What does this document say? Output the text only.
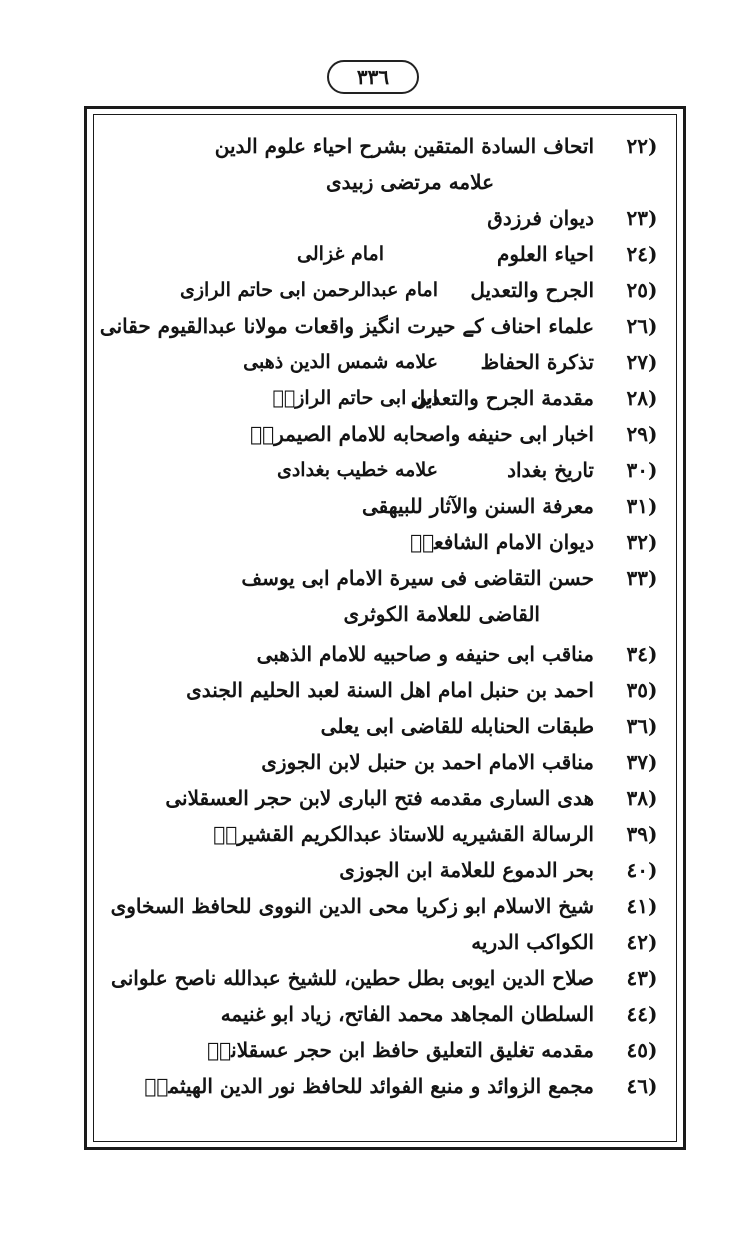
٣٣٦
(٢٢
اتحاف السادة المتقين بشرح احياء علوم الدين
علامه مرتضی زبیدی
(٢٣
دیوان فرزدق
(٢٤
احیاء العلوم
امام غزالی
(٢٥
الجرح والتعدیل
امام عبدالرحمن ابی حاتم الرازی
(٢٦
علماء احناف کے حیرت انگیز واقعات مولانا عبدالقیوم حقانی
(٢٧
تذکرة الحفاظ
علامه شمس الدین ذهبی
(٢٨
مقدمة الجرح والتعدیل
ابن ابی حاتم الرازیؒ
(٢٩
اخبار ابی حنیفه واصحابه للامام الصیمریؒ
(٣٠
تاریخ بغداد
علامه خطیب بغدادی
(٣١
معرفة السنن والآثار للبیهقی
(٣٢
دیوان الامام الشافعیؒ
(٣٣
حسن التقاضی فی سیرة الامام ابی یوسف
القاضی للعلامة الکوثری
(٣٤
مناقب ابی حنیفه و صاحبیه للامام الذهبی
(٣٥
احمد بن حنبل امام اهل السنة لعبد الحلیم الجندی
(٣٦
طبقات الحنابله للقاضی ابی یعلی
(٣٧
مناقب الامام احمد بن حنبل لابن الجوزی
(٣٨
هدی الساری مقدمه فتح الباری لابن حجر العسقلانی
(٣٩
الرسالة القشیریه للاستاذ عبدالکریم القشیریؒ
(٤٠
بحر الدموع للعلامة ابن الجوزی
(٤١
شیخ الاسلام ابو زکریا محی الدین النووی للحافظ السخاوی
(٤٢
الکواکب الدریه
(٤٣
صلاح الدین ایوبی بطل حطین، للشیخ عبدالله ناصح علوانی
(٤٤
السلطان المجاهد محمد الفاتح، زیاد ابو غنیمه
(٤٥
مقدمه تغلیق التعلیق حافظ ابن حجر عسقلانیؒ
(٤٦
مجمع الزوائد و منبع الفوائد للحافظ نور الدین الهیثمیؒ
